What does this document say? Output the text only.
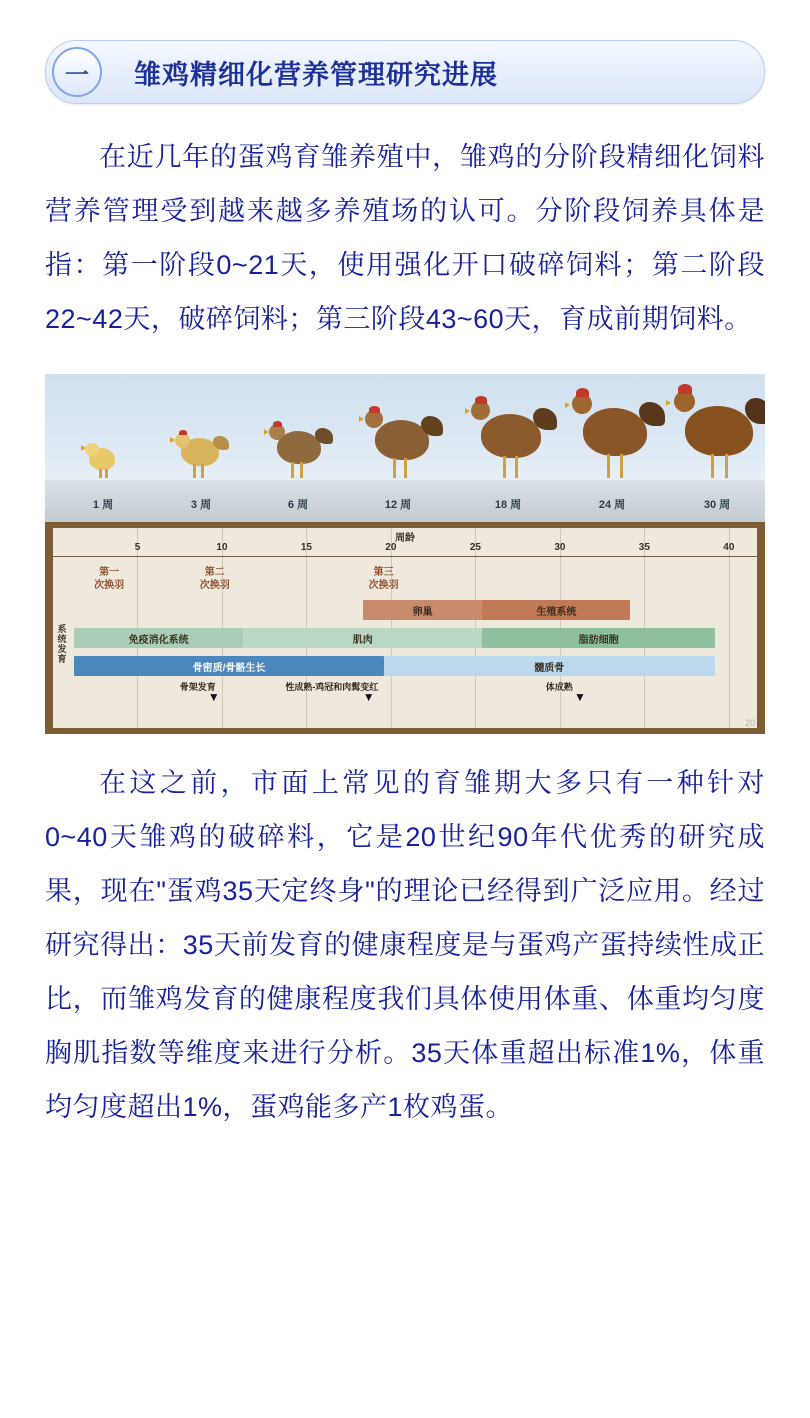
一	雏鸡精细化营养管理研究进展
在近几年的蛋鸡育雏养殖中，雏鸡的分阶段精细化饲料营养管理受到越来越多养殖场的认可。分阶段饲养具体是指：第一阶段0~21天，使用强化开口破碎饲料；第二阶段22~42天，破碎饲料；第三阶段43~60天，育成前期饲料。
1 周	3 周	6 周	12 周	18 周	24 周	30 周
周龄
5	10	15	20	25	30	35	40
第一
次换羽
第二
次换羽
第三
次换羽
系统发育
卵巢	生殖系统
免疫消化系统	肌肉	脂肪细胞
骨密质/骨骼生长	髓质骨
骨架发育
▼
性成熟-鸡冠和肉髯变红
▼
体成熟
▼
20
在这之前，市面上常见的育雏期大多只有一种针对0~40天雏鸡的破碎料，它是20世纪90年代优秀的研究成果，现在"蛋鸡35天定终身"的理论已经得到广泛应用。经过研究得出：35天前发育的健康程度是与蛋鸡产蛋持续性成正比，而雏鸡发育的健康程度我们具体使用体重、体重均匀度胸肌指数等维度来进行分析。35天体重超出标准1%，体重均匀度超出1%，蛋鸡能多产1枚鸡蛋。
